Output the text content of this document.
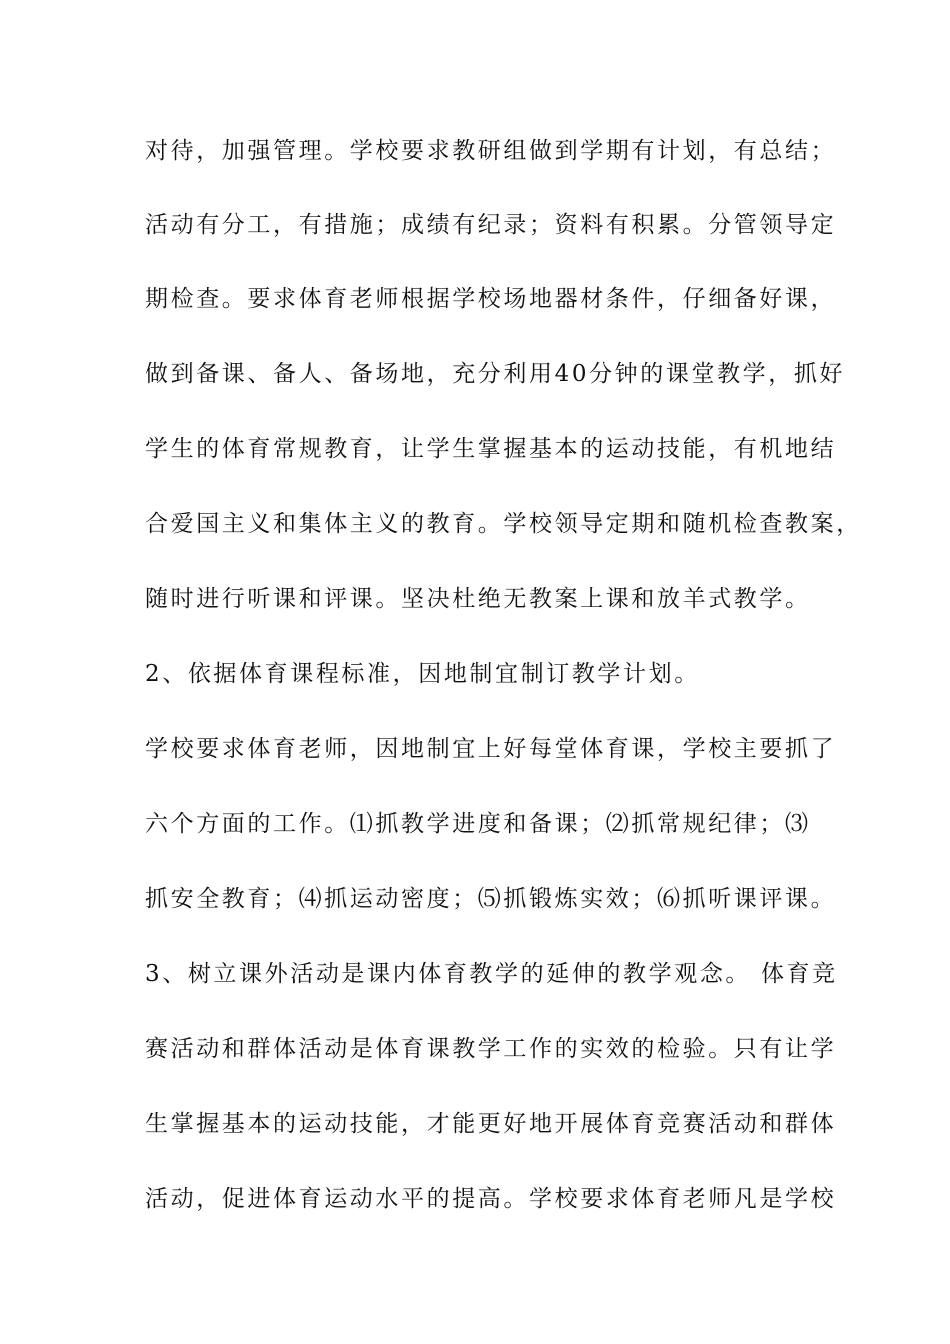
对待，加强管理。学校要求教研组做到学期有计划，有总结；
活动有分工，有措施；成绩有纪录；资料有积累。分管领导定
期检查。要求体育老师根据学校场地器材条件，仔细备好课，
做到备课、备人、备场地，充分利用40分钟的课堂教学，抓好
学生的体育常规教育，让学生掌握基本的运动技能，有机地结
合爱国主义和集体主义的教育。学校领导定期和随机检查教案，
随时进行听课和评课。坚决杜绝无教案上课和放羊式教学。
2、依据体育课程标准，因地制宜制订教学计划。
学校要求体育老师，因地制宜上好每堂体育课，学校主要抓了
六个方面的工作。⑴抓教学进度和备课；⑵抓常规纪律；⑶
抓安全教育；⑷抓运动密度；⑸抓锻炼实效；⑹抓听课评课。
3、树立课外活动是课内体育教学的延伸的教学观念。 体育竞
赛活动和群体活动是体育课教学工作的实效的检验。只有让学
生掌握基本的运动技能，才能更好地开展体育竞赛活动和群体
活动，促进体育运动水平的提高。学校要求体育老师凡是学校
